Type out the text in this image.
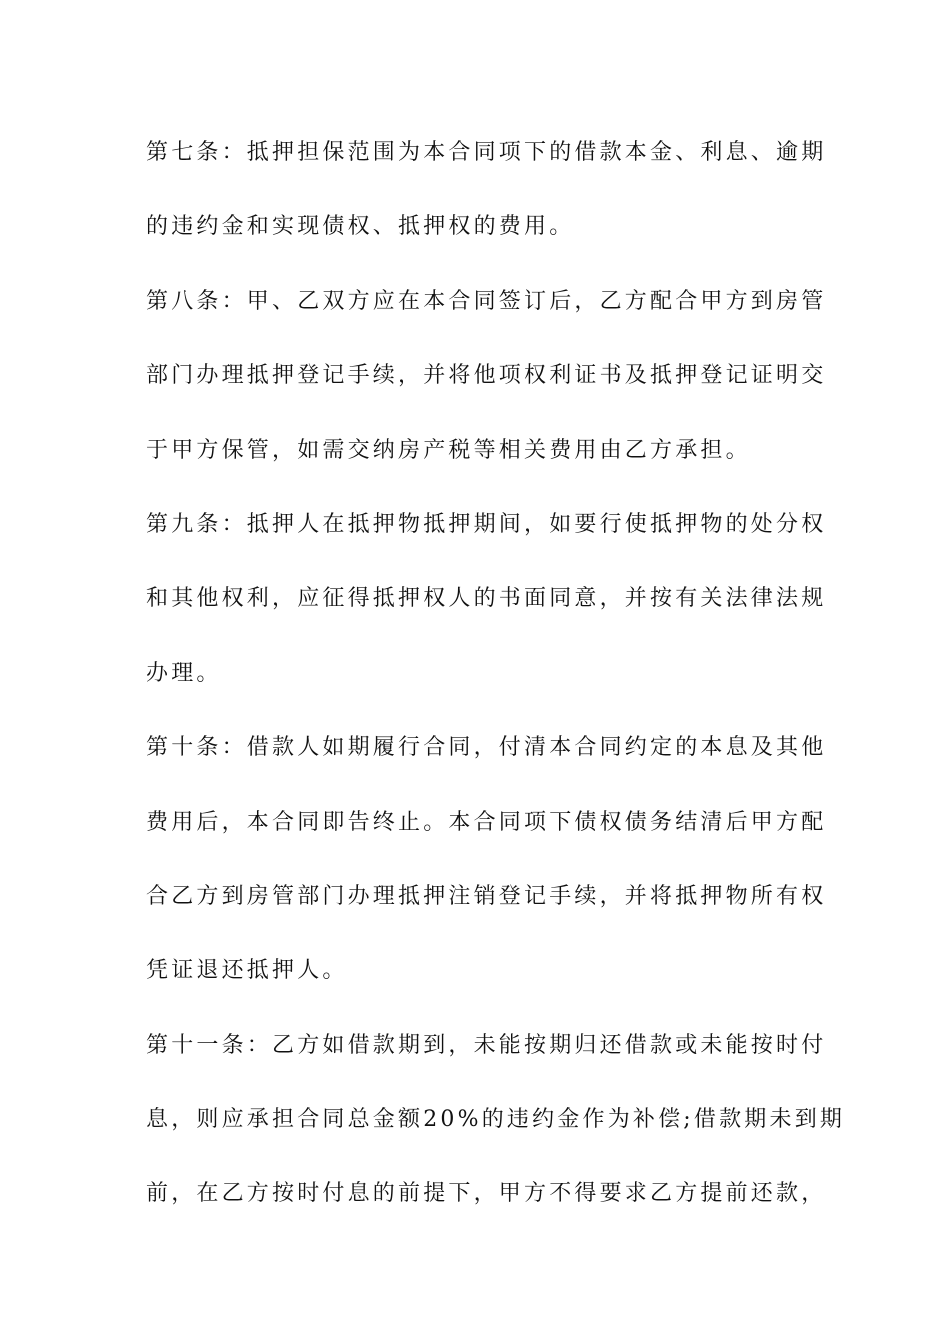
第七条：抵押担保范围为本合同项下的借款本金、利息、逾期
的违约金和实现债权、抵押权的费用。
第八条：甲、乙双方应在本合同签订后，乙方配合甲方到房管
部门办理抵押登记手续，并将他项权利证书及抵押登记证明交
于甲方保管，如需交纳房产税等相关费用由乙方承担。
第九条：抵押人在抵押物抵押期间，如要行使抵押物的处分权
和其他权利，应征得抵押权人的书面同意，并按有关法律法规
办理。
第十条：借款人如期履行合同，付清本合同约定的本息及其他
费用后，本合同即告终止。本合同项下债权债务结清后甲方配
合乙方到房管部门办理抵押注销登记手续，并将抵押物所有权
凭证退还抵押人。
第十一条：乙方如借款期到，未能按期归还借款或未能按时付
息，则应承担合同总金额20%的违约金作为补偿;借款期未到期
前，在乙方按时付息的前提下，甲方不得要求乙方提前还款，
